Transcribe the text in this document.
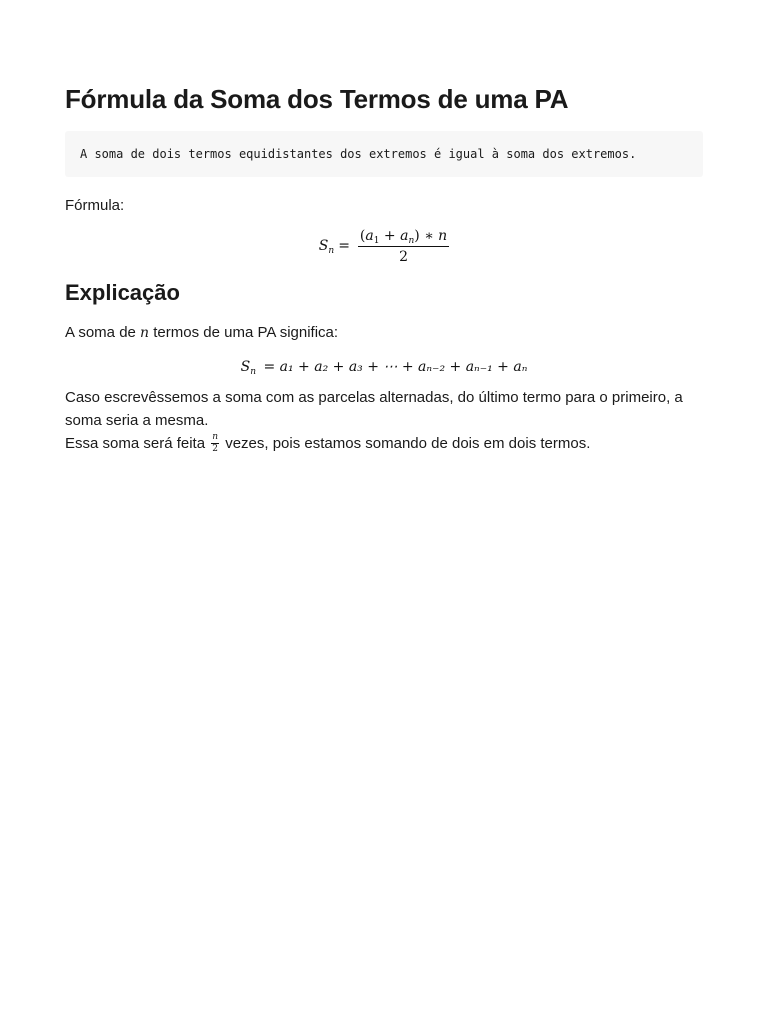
Fórmula da Soma dos Termos de uma PA
A soma de dois termos equidistantes dos extremos é igual à soma dos extremos.

Fórmula:

$S_n = \frac{(a_1 + a_n) ∗ n}{2}$
Explicação

A soma de n termos de uma PA significa:

$S_n = a_1 + a_2 + a_3$ + ⋯ + aₙ₋₂ + aₙ₋₁ + aₙ

Caso escrevêssemos a soma com as parcelas alternadas, do último termo para o primeiro, a soma seria a mesma.

Essa soma será feita $\frac{n}{2}$ vezes, pois estamos somando de dois em dois termos.
